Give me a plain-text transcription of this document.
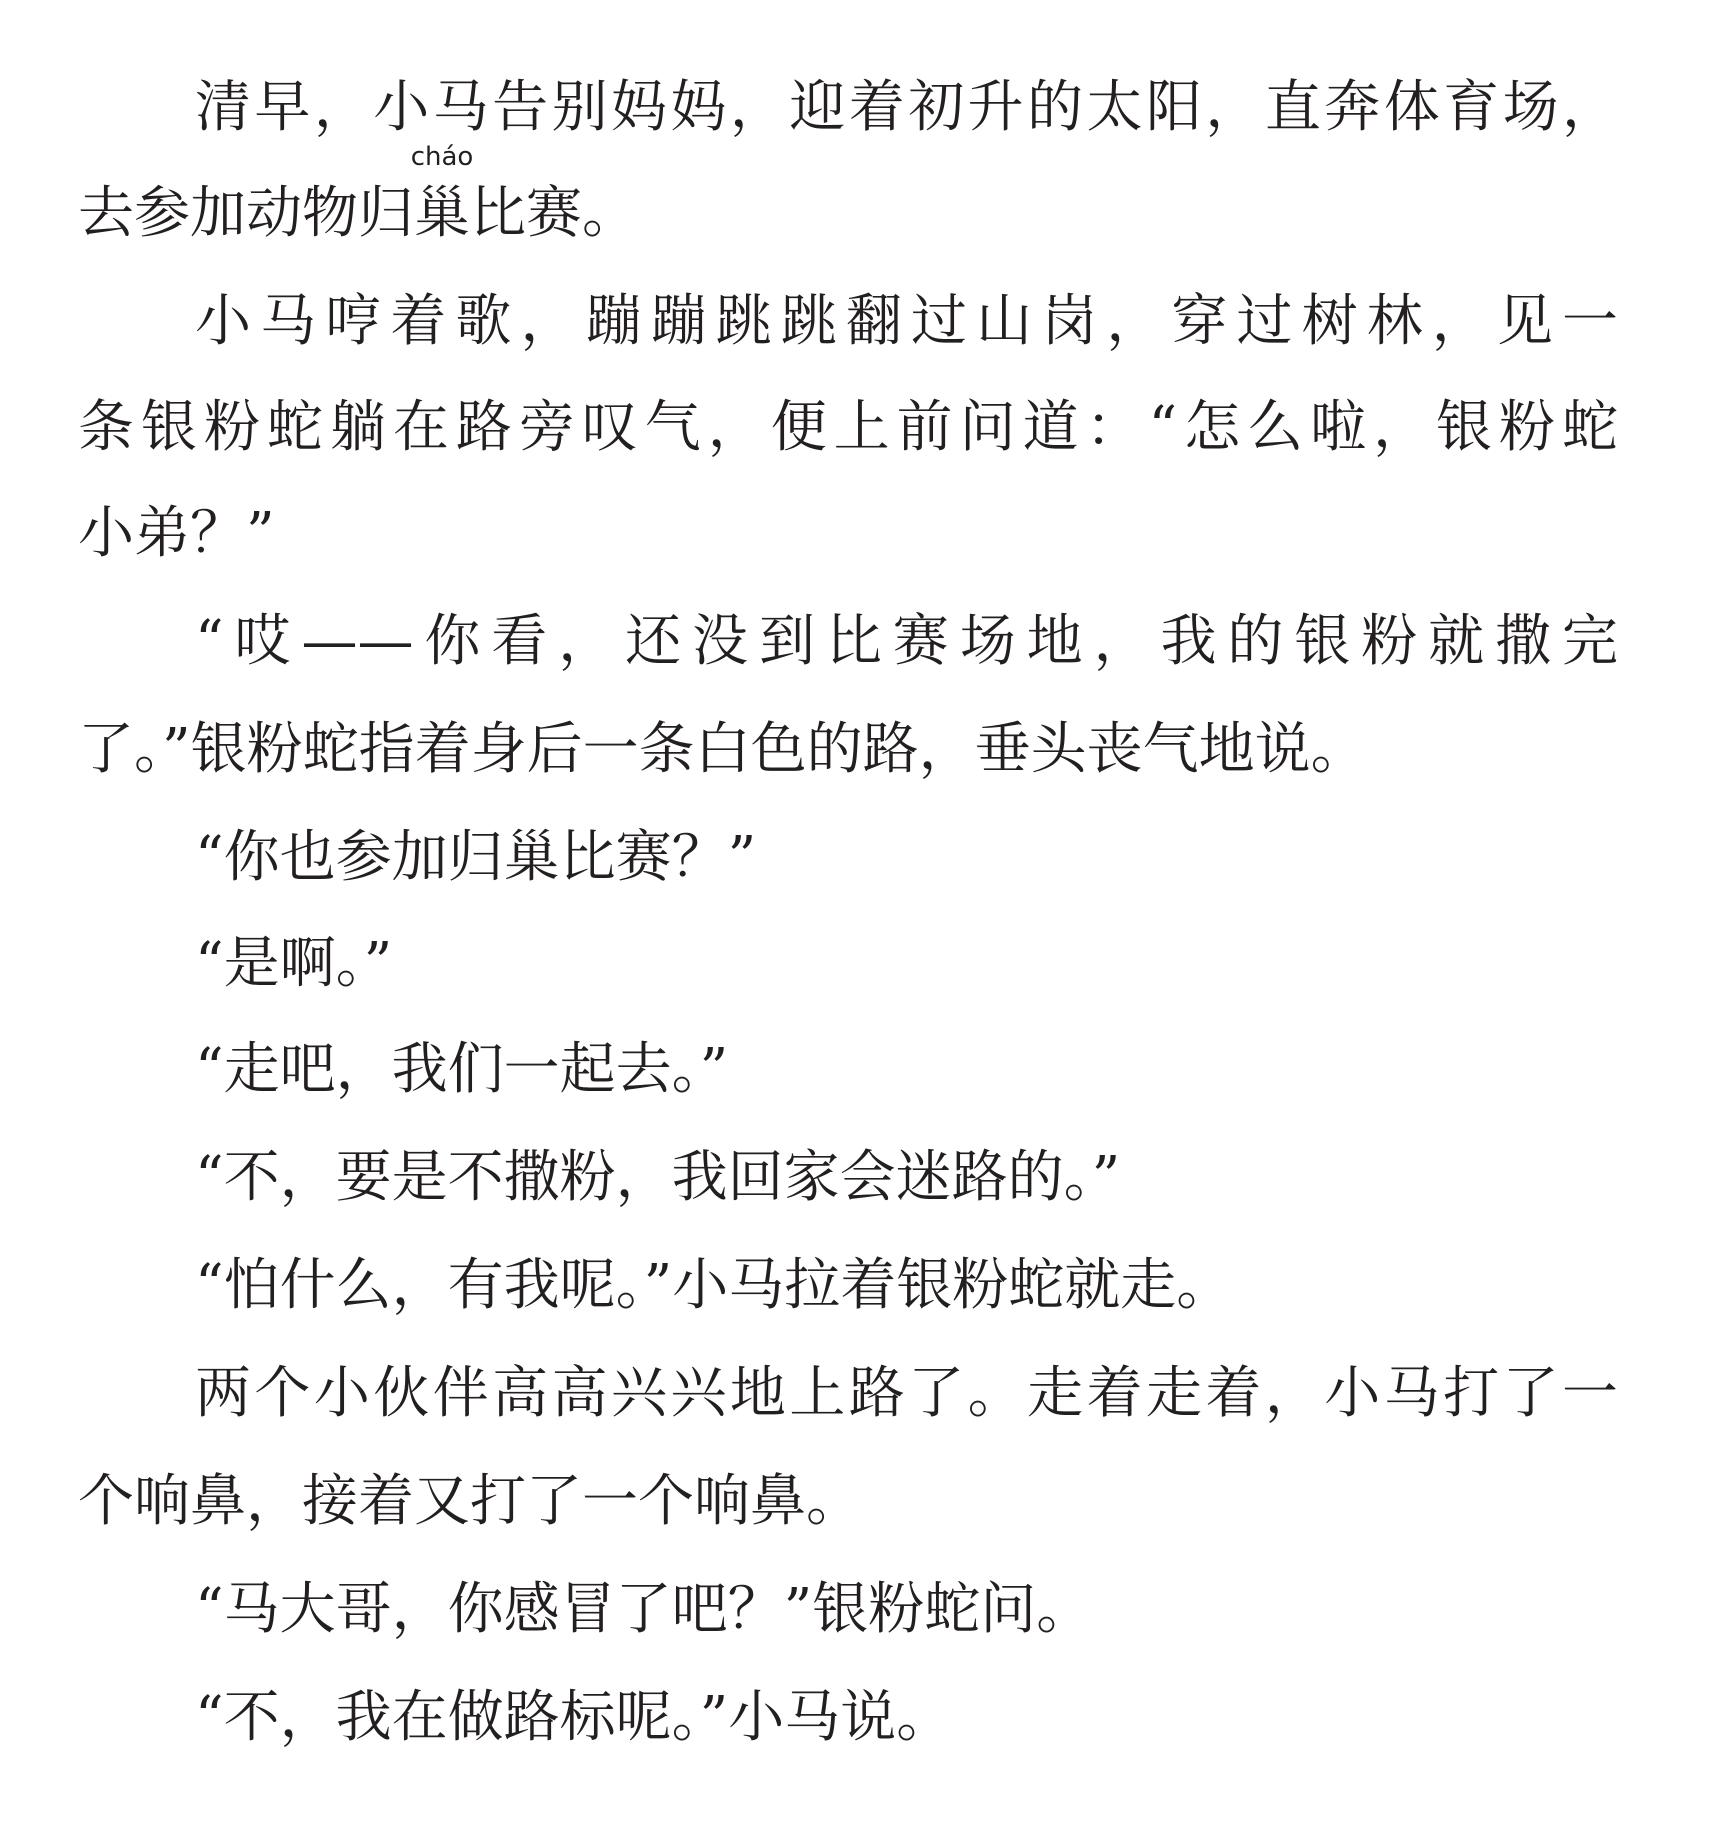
清早，小马告别妈妈，迎着初升的太阳，直奔体育场，
去参加动物归巢
cháo
比赛。
小马哼着歌，蹦蹦跳跳翻过山岗，穿过树林，见一
条银粉蛇躺在路旁叹气，便上前问道：“怎么啦，银粉蛇
小弟？”
“哎——你看，还没到比赛场地，我的银粉就撒完
了。”银粉蛇指着身后一条白色的路，垂头丧气地说。
“你也参加归巢比赛？”
“是啊。”
“走吧，我们一起去。”
“不，要是不撒粉，我回家会迷路的。”
“怕什么，有我呢。”小马拉着银粉蛇就走。
两个小伙伴高高兴兴地上路了。走着走着，小马打了一
个响鼻，接着又打了一个响鼻。
“马大哥，你感冒了吧？”银粉蛇问。
“不，我在做路标呢。”小马说。
